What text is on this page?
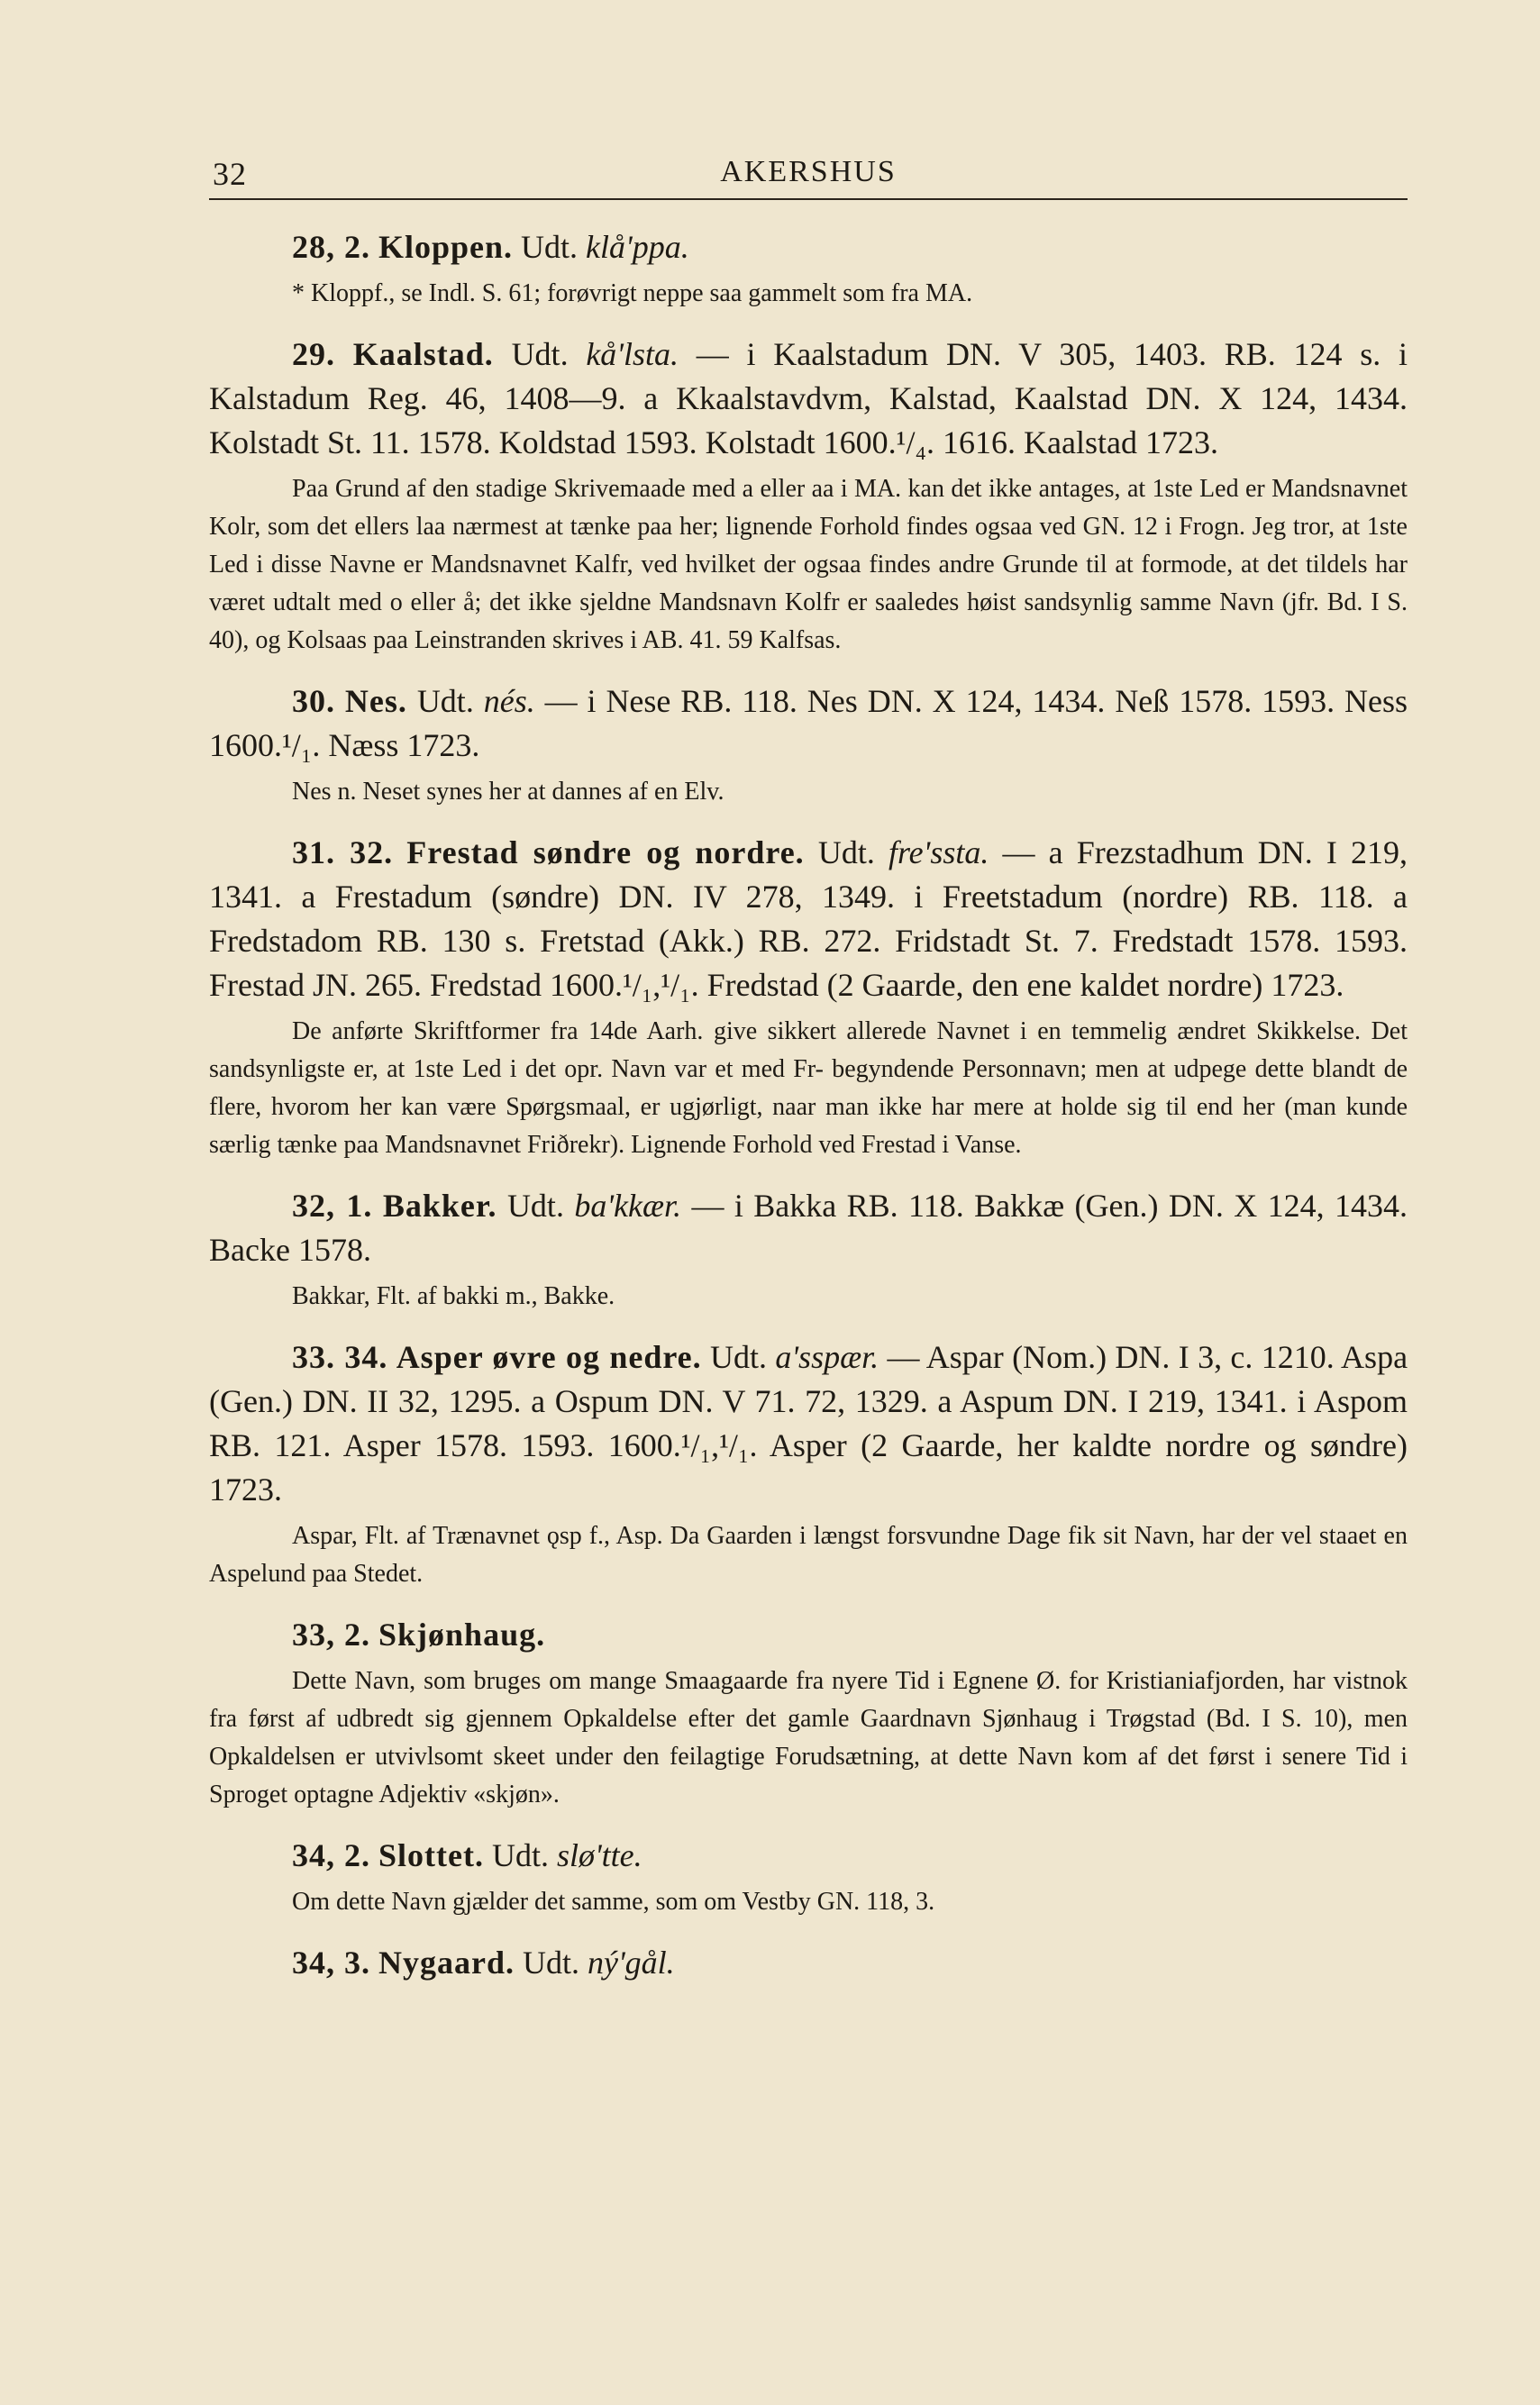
32	AKERSHUS

28, 2. Kloppen. Udt. klå'ppa.

* Kloppf., se Indl. S. 61; forøvrigt neppe saa gammelt som fra MA.

29. Kaalstad. Udt. kå'lsta. — i Kaalstadum DN. V 305, 1403. RB. 124 s. i Kalstadum Reg. 46, 1408—9. a Kkaalstavdvm, Kalstad, Kaalstad DN. X 124, 1434. Kolstadt St. 11. 1578. Koldstad 1593. Kolstadt 1600.¹/₄. 1616. Kaalstad 1723.

Paa Grund af den stadige Skrivemaade med a eller aa i MA. kan det ikke antages, at 1ste Led er Mandsnavnet Kolr, som det ellers laa nærmest at tænke paa her; lignende Forhold findes ogsaa ved GN. 12 i Frogn. Jeg tror, at 1ste Led i disse Navne er Mandsnavnet Kalfr, ved hvilket der ogsaa findes andre Grunde til at formode, at det tildels har været udtalt med o eller å; det ikke sjeldne Mandsnavn Kolfr er saaledes høist sandsynlig samme Navn (jfr. Bd. I S. 40), og Kolsaas paa Leinstranden skrives i AB. 41. 59 Kalfsas.

30. Nes. Udt. nés. — i Nese RB. 118. Nes DN. X 124, 1434. Neß 1578. 1593. Ness 1600.¹/₁. Næss 1723.

Nes n. Neset synes her at dannes af en Elv.

31. 32. Frestad søndre og nordre. Udt. fre'ssta. — a Frezstadhum DN. I 219, 1341. a Frestadum (søndre) DN. IV 278, 1349. i Freetstadum (nordre) RB. 118. a Fredstadom RB. 130 s. Fretstad (Akk.) RB. 272. Fridstadt St. 7. Fredstadt 1578. 1593. Frestad JN. 265. Fredstad 1600.¹/₁,¹/₁. Fredstad (2 Gaarde, den ene kaldet nordre) 1723.

De anførte Skriftformer fra 14de Aarh. give sikkert allerede Navnet i en temmelig ændret Skikkelse. Det sandsynligste er, at 1ste Led i det opr. Navn var et med Fr- begyndende Personnavn; men at udpege dette blandt de flere, hvorom her kan være Spørgsmaal, er ugjørligt, naar man ikke har mere at holde sig til end her (man kunde særlig tænke paa Mandsnavnet Friðrekr). Lignende Forhold ved Frestad i Vanse.

32, 1. Bakker. Udt. ba'kkær. — i Bakka RB. 118. Bakkæ (Gen.) DN. X 124, 1434. Backe 1578.

Bakkar, Flt. af bakki m., Bakke.

33. 34. Asper øvre og nedre. Udt. a'sspær. — Aspar (Nom.) DN. I 3, c. 1210. Aspa (Gen.) DN. II 32, 1295. a Ospum DN. V 71. 72, 1329. a Aspum DN. I 219, 1341. i Aspom RB. 121. Asper 1578. 1593. 1600.¹/₁,¹/₁. Asper (2 Gaarde, her kaldte nordre og søndre) 1723.

Aspar, Flt. af Trænavnet ǫsp f., Asp. Da Gaarden i længst forsvundne Dage fik sit Navn, har der vel staaet en Aspelund paa Stedet.

33, 2. Skjønhaug.

Dette Navn, som bruges om mange Smaagaarde fra nyere Tid i Egnene Ø. for Kristianiafjorden, har vistnok fra først af udbredt sig gjennem Opkaldelse efter det gamle Gaardnavn Sjønhaug i Trøgstad (Bd. I S. 10), men Opkaldelsen er utvivlsomt skeet under den feilagtige Forudsætning, at dette Navn kom af det først i senere Tid i Sproget optagne Adjektiv «skjøn».

34, 2. Slottet. Udt. slø'tte.

Om dette Navn gjælder det samme, som om Vestby GN. 118, 3.

34, 3. Nygaard. Udt. ný'gål.
